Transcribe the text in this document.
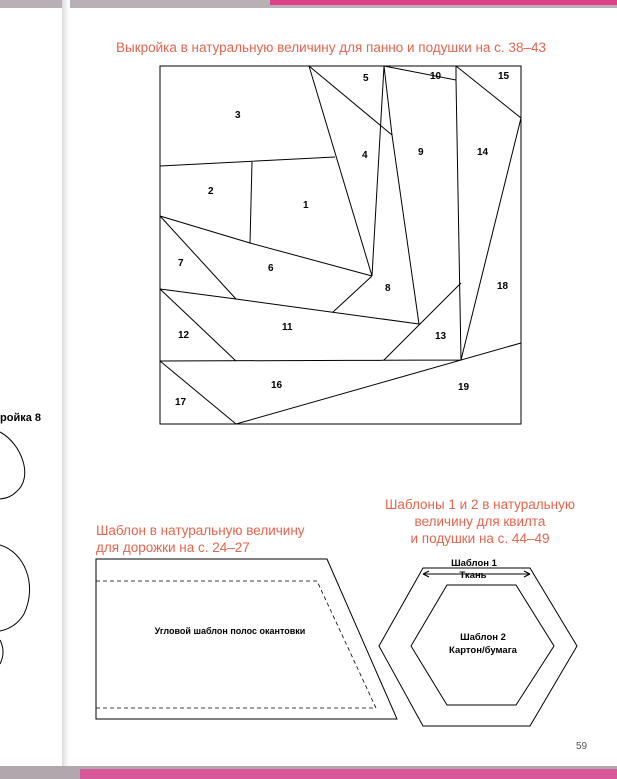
Выкройка в натуральную величину для панно и подушки на с. 38–43
Шаблон в натуральную величину
для дорожки на с. 24–27
Шаблоны 1 и 2 в натуральную
величину для квилта
и подушки на с. 44–49
1
2
3
4
5
6
7
8
9
10
11
12	13
14
15
16
17
18
19
Угловой шаблон полос окантовки
Шаблон 1
Ткань
Шаблон 2
Картон/бумага
ройка 8
59
